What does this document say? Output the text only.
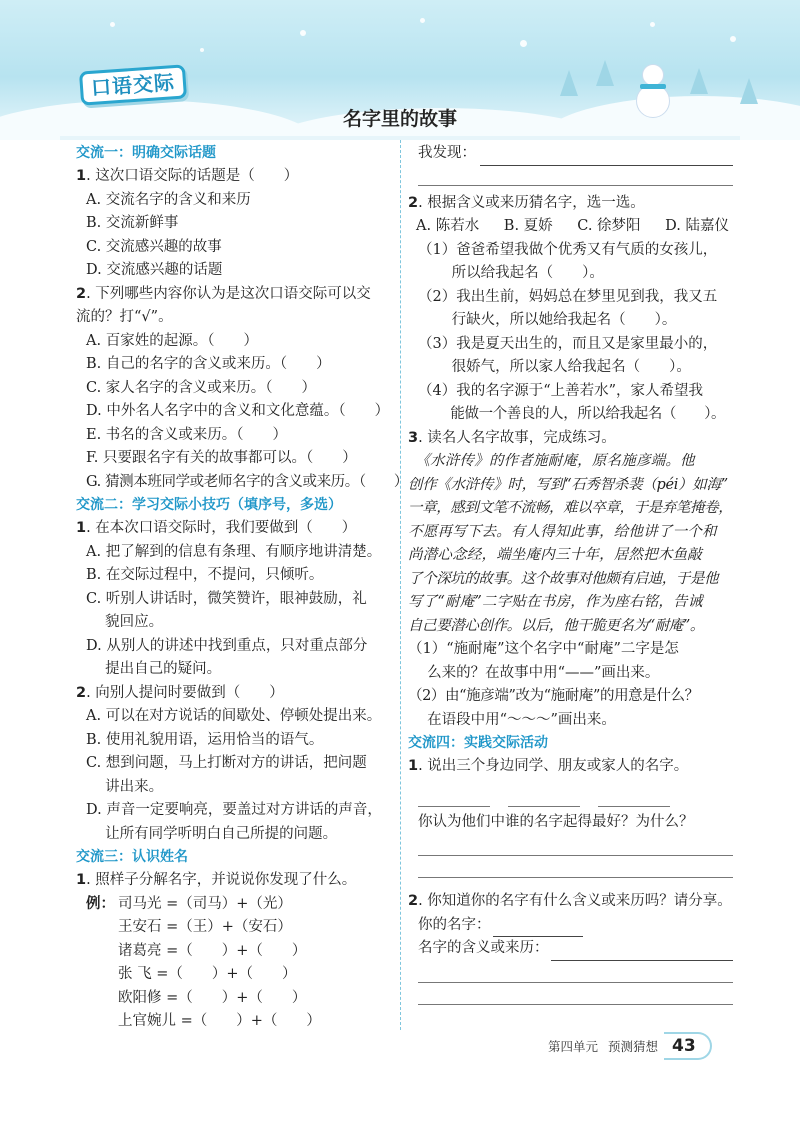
口语交际
名字里的故事
交流一：明确交际话题
1. 这次口语交际的话题是（　　）
A. 交流名字的含义和来历
B. 交流新鲜事
C. 交流感兴趣的故事
D. 交流感兴趣的话题
2. 下列哪些内容你认为是这次口语交际可以交
流的？打“√”。
A. 百家姓的起源。（　　）
B. 自己的名字的含义或来历。（　　）
C. 家人名字的含义或来历。（　　）
D. 中外名人名字中的含义和文化意蕴。（　　）
E. 书名的含义或来历。（　　）
F. 只要跟名字有关的故事都可以。（　　）
G. 猜测本班同学或老师名字的含义或来历。（　　）
交流二：学习交际小技巧（填序号，多选）
1. 在本次口语交际时，我们要做到（　　）
A. 把了解到的信息有条理、有顺序地讲清楚。
B. 在交际过程中，不提问，只倾听。
C. 听别人讲话时，微笑赞许，眼神鼓励，礼
　 貌回应。
D. 从别人的讲述中找到重点，只对重点部分
　 提出自己的疑问。
2. 向别人提问时要做到（　　）
A. 可以在对方说话的间歇处、停顿处提出来。
B. 使用礼貌用语，运用恰当的语气。
C. 想到问题，马上打断对方的讲话，把问题
　 讲出来。
D. 声音一定要响亮，要盖过对方讲话的声音，
　 让所有同学听明白自己所提的问题。
交流三：认识姓名
1. 照样子分解名字，并说说你发现了什么。
例： 司马光 =（司马）+（光）
王安石 =（王）+（安石）
诸葛亮 =（　　）+（　　）
张 飞 =（　　）+（　　）
欧阳修 =（　　）+（　　）
上官婉儿 =（　　）+（　　）
我发现：
2. 根据含义或来历猜名字，选一选。
A. 陈若水 B. 夏娇 C. 徐梦阳 D. 陆嘉仪
（1）爸爸希望我做个优秀又有气质的女孩儿，
　　 所以给我起名（　　）。
（2）我出生前，妈妈总在梦里见到我，我又五
　　 行缺火，所以她给我起名（　　）。
（3）我是夏天出生的，而且又是家里最小的，
　　 很娇气，所以家人给我起名（　　）。
（4）我的名字源于“上善若水”，家人希望我
　　 能做一个善良的人，所以给我起名（　　）。
3. 读名人名字故事，完成练习。
　《水浒传》的作者施耐庵，原名施彦端。他
创作《水浒传》时，写到“石秀智杀裴（péi）如海”
一章，感到文笔不流畅，难以卒章，于是弃笔掩卷，
不愿再写下去。有人得知此事，给他讲了一个和
尚潜心念经，端坐庵内三十年，居然把木鱼敲
了个深坑的故事。这个故事对他颇有启迪，于是他
写了“耐庵”二字贴在书房，作为座右铭，告诫
自己要潜心创作。以后，他干脆更名为“耐庵”。
（1）“施耐庵”这个名字中“耐庵”二字是怎
　 么来的？在故事中用“——”画出来。
（2）由“施彦端”改为“施耐庵”的用意是什么？
　 在语段中用“～～～”画出来。
交流四：实践交际活动
1. 说出三个身边同学、朋友或家人的名字。
你认为他们中谁的名字起得最好？为什么？
2. 你知道你的名字有什么含义或来历吗？请分享。
你的名字：
名字的含义或来历：
第四单元 预测猜想 43
